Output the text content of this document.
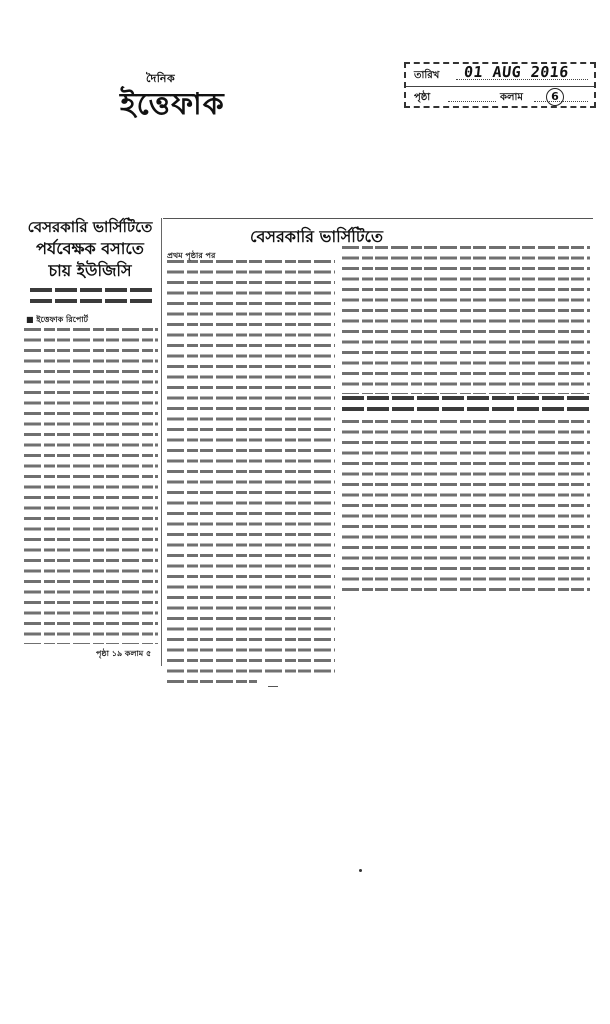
দৈনিক
ইত্তেফাক
তারিখ 01 AUG 2016
পৃষ্ঠা	কলাম	6
বেসরকারি ভার্সিটিতে
পর্যবেক্ষক বসাতে
চায় ইউজিসি
■ ইত্তেফাক রিপোর্ট
পৃষ্ঠা ১৯ কলাম ৫
বেসরকারি ভার্সিটিতে
প্রথম পৃষ্ঠার পর
